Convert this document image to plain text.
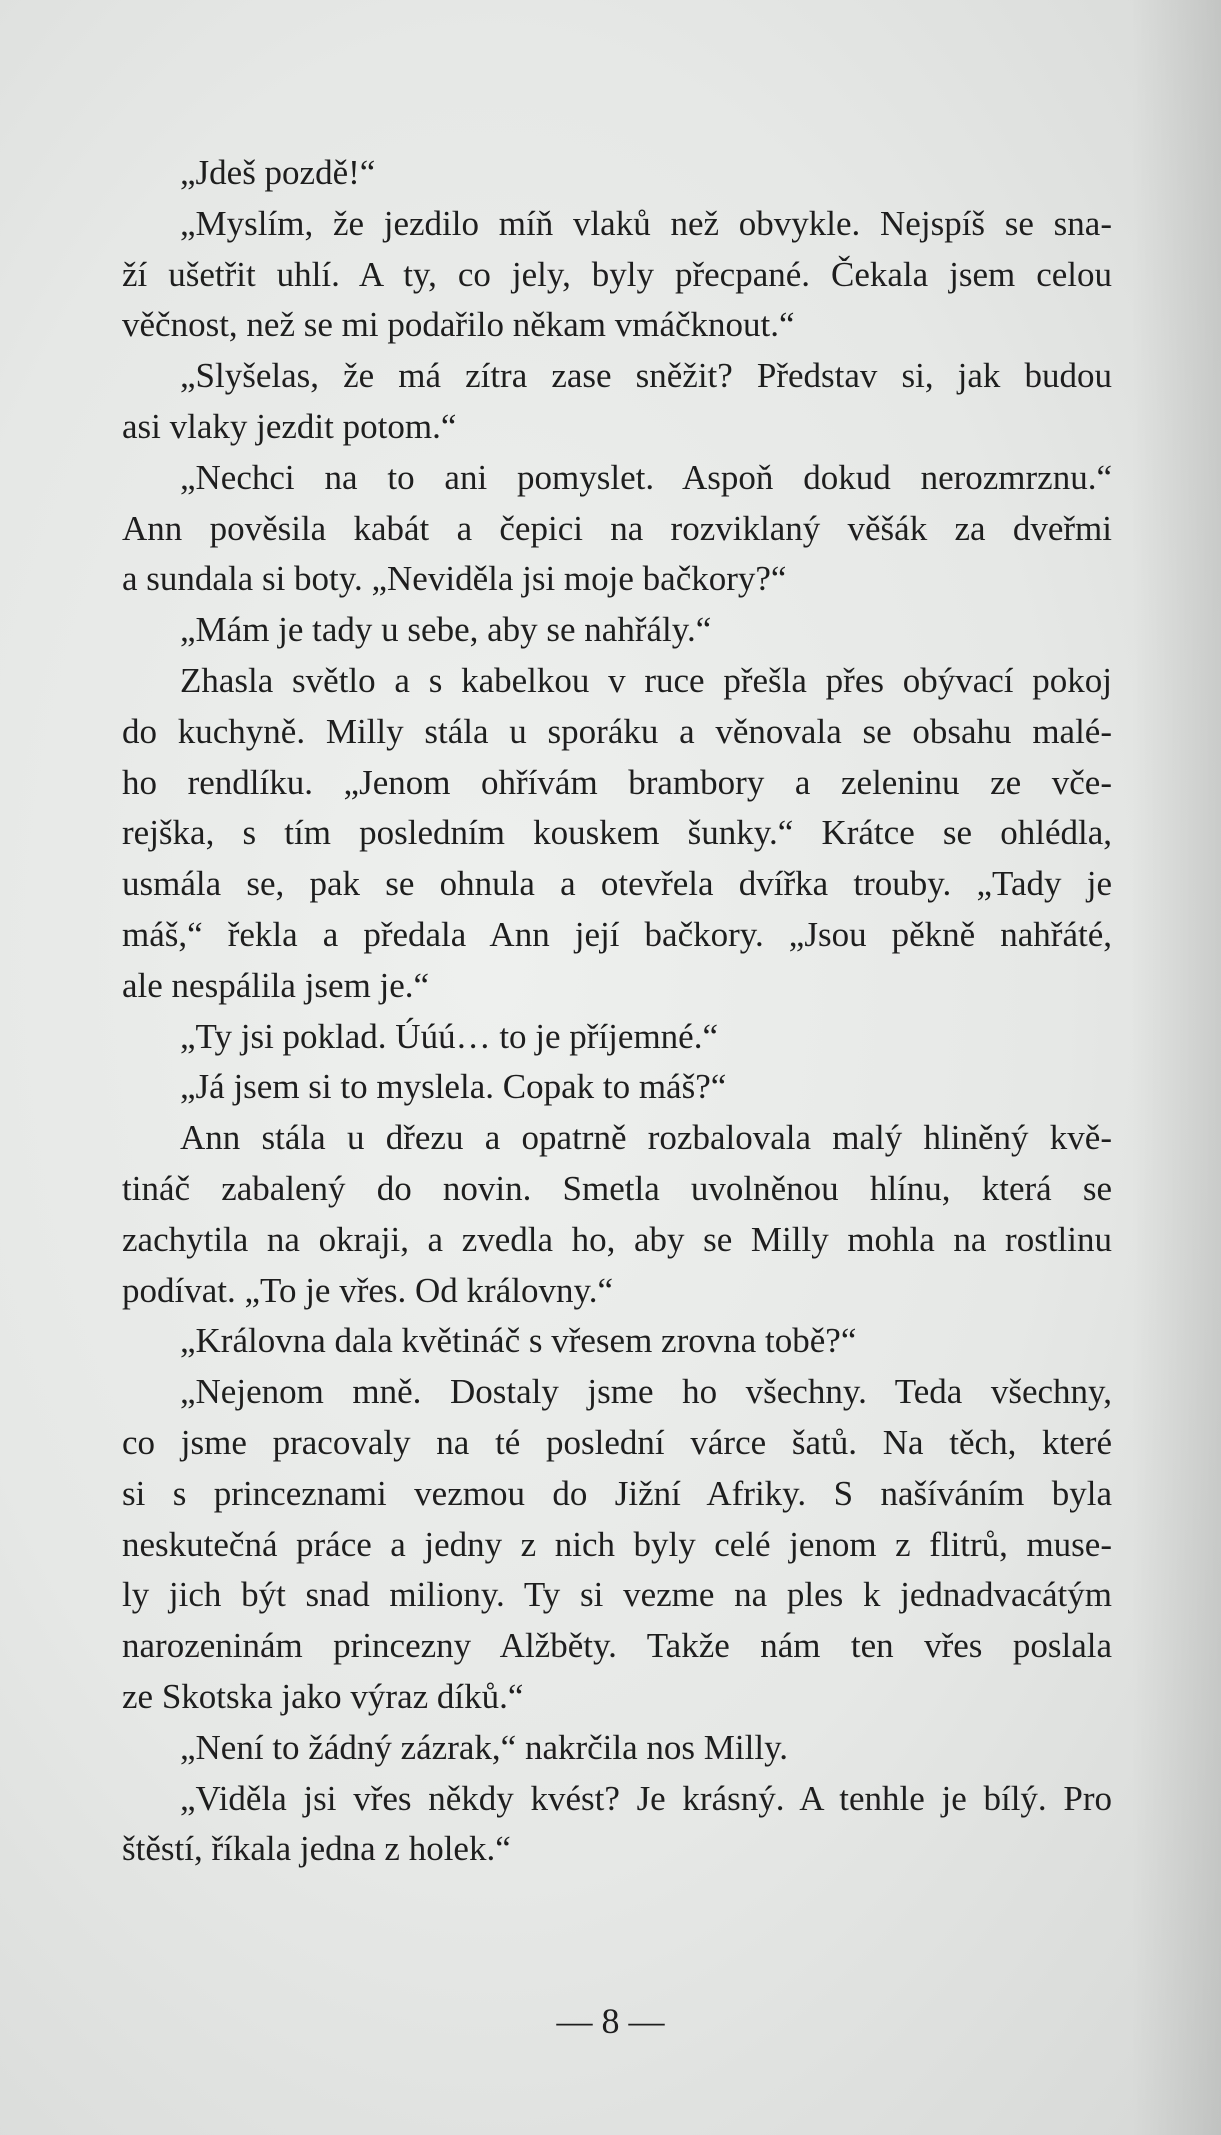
„Jdeš pozdě!“
„Myslím, že jezdilo míň vlaků než obvykle. Nejspíš se sna-
ží ušetřit uhlí. A ty, co jely, byly přecpané. Čekala jsem celou
věčnost, než se mi podařilo někam vmáčknout.“
„Slyšelas, že má zítra zase sněžit? Představ si, jak budou
asi vlaky jezdit potom.“
„Nechci na to ani pomyslet. Aspoň dokud nerozmrznu.“
Ann pověsila kabát a čepici na rozviklaný věšák za dveřmi
a sundala si boty. „Neviděla jsi moje bačkory?“
„Mám je tady u sebe, aby se nahřály.“
Zhasla světlo a s kabelkou v ruce přešla přes obývací pokoj
do kuchyně. Milly stála u sporáku a věnovala se obsahu malé-
ho rendlíku. „Jenom ohřívám brambory a zeleninu ze vče-
rejška, s tím posledním kouskem šunky.“ Krátce se ohlédla,
usmála se, pak se ohnula a otevřela dvířka trouby. „Tady je
máš,“ řekla a předala Ann její bačkory. „Jsou pěkně nahřáté,
ale nespálila jsem je.“
„Ty jsi poklad. Úúú… to je příjemné.“
„Já jsem si to myslela. Copak to máš?“
Ann stála u dřezu a opatrně rozbalovala malý hliněný kvě-
tináč zabalený do novin. Smetla uvolněnou hlínu, která se
zachytila na okraji, a zvedla ho, aby se Milly mohla na rostlinu
podívat. „To je vřes. Od královny.“
„Královna dala květináč s vřesem zrovna tobě?“
„Nejenom mně. Dostaly jsme ho všechny. Teda všechny,
co jsme pracovaly na té poslední várce šatů. Na těch, které
si s princeznami vezmou do Jižní Afriky. S našíváním byla
neskutečná práce a jedny z nich byly celé jenom z flitrů, muse-
ly jich být snad miliony. Ty si vezme na ples k jednadvacátým
narozeninám princezny Alžběty. Takže nám ten vřes poslala
ze Skotska jako výraz díků.“
„Není to žádný zázrak,“ nakrčila nos Milly.
„Viděla jsi vřes někdy kvést? Je krásný. A tenhle je bílý. Pro
štěstí, říkala jedna z holek.“
— 8 —
